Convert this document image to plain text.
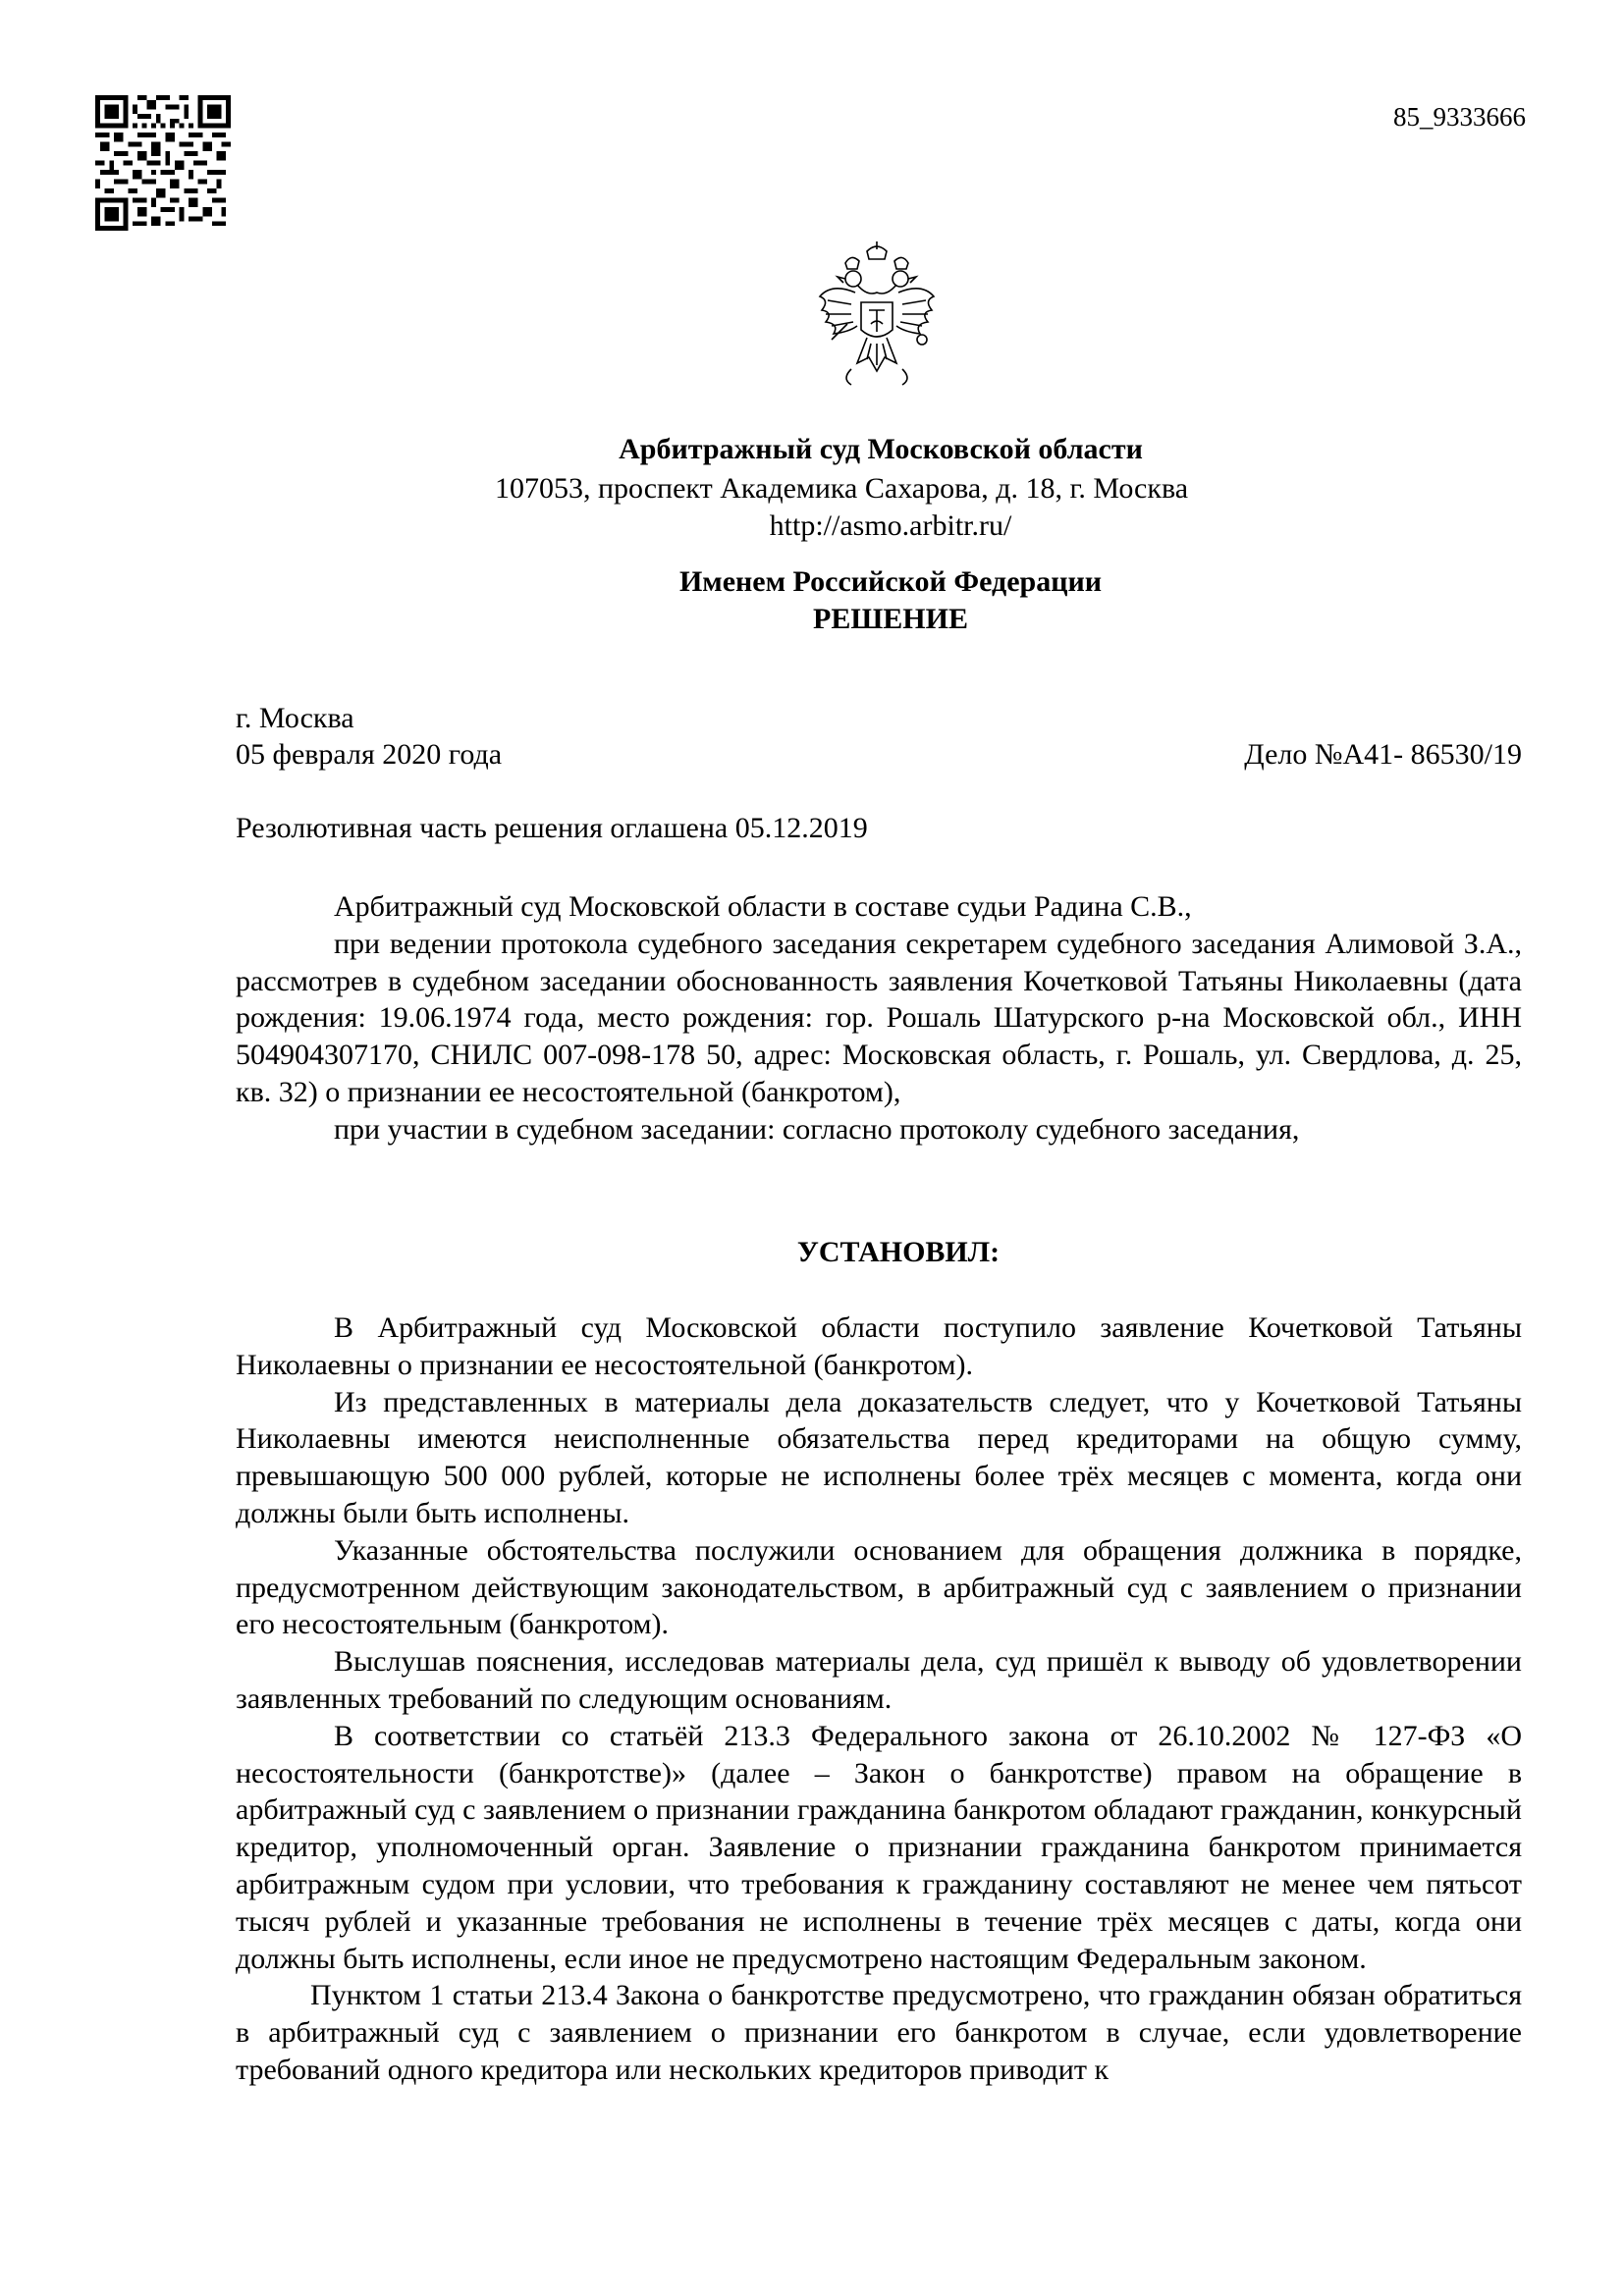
85_9333666
Арбитражный суд Московской области
107053, проспект Академика Сахарова, д. 18, г. Москва
http://asmo.arbitr.ru/
Именем Российской Федерации
РЕШЕНИЕ
г. Москва
05 февраля 2020 года	Дело №А41- 86530/19
Резолютивная часть решения оглашена 05.12.2019

Арбитражный суд Московской области в составе судьи Радина С.В.,

при ведении протокола судебного заседания секретарем судебного заседания Алимовой З.А., рассмотрев в судебном заседании обоснованность заявления Кочетковой Татьяны Николаевны (дата рождения: 19.06.1974 года, место рождения: гор. Рошаль Шатурского р-на Московской обл., ИНН 504904307170, СНИЛС 007-098-178 50, адрес: Московская область, г. Рошаль, ул. Свердлова, д. 25, кв. 32) о признании ее несостоятельной (банкротом),

при участии в судебном заседании: согласно протоколу судебного заседания,

УСТАНОВИЛ:

В Арбитражный суд Московской области поступило заявление Кочетковой Татьяны Николаевны о признании ее несостоятельной (банкротом).

Из представленных в материалы дела доказательств следует, что у Кочетковой Татьяны Николаевны имеются неисполненные обязательства перед кредиторами на общую сумму, превышающую 500 000 рублей, которые не исполнены более трёх месяцев с момента, когда они должны были быть исполнены.

Указанные обстоятельства послужили основанием для обращения должника в порядке, предусмотренном действующим законодательством, в арбитражный суд с заявлением о признании его несостоятельным (банкротом).

Выслушав пояснения, исследовав материалы дела, суд пришёл к выводу об удовлетворении заявленных требований по следующим основаниям.

В соответствии со статьёй 213.3 Федерального закона от 26.10.2002 № 127-ФЗ «О несостоятельности (банкротстве)» (далее – Закон о банкротстве) правом на обращение в арбитражный суд с заявлением о признании гражданина банкротом обладают гражданин, конкурсный кредитор, уполномоченный орган. Заявление о признании гражданина банкротом принимается арбитражным судом при условии, что требования к гражданину составляют не менее чем пятьсот тысяч рублей и указанные требования не исполнены в течение трёх месяцев с даты, когда они должны быть исполнены, если иное не предусмотрено настоящим Федеральным законом.

Пунктом 1 статьи 213.4 Закона о банкротстве предусмотрено, что гражданин обязан обратиться в арбитражный суд с заявлением о признании его банкротом в случае, если удовлетворение требований одного кредитора или нескольких кредиторов приводит к
